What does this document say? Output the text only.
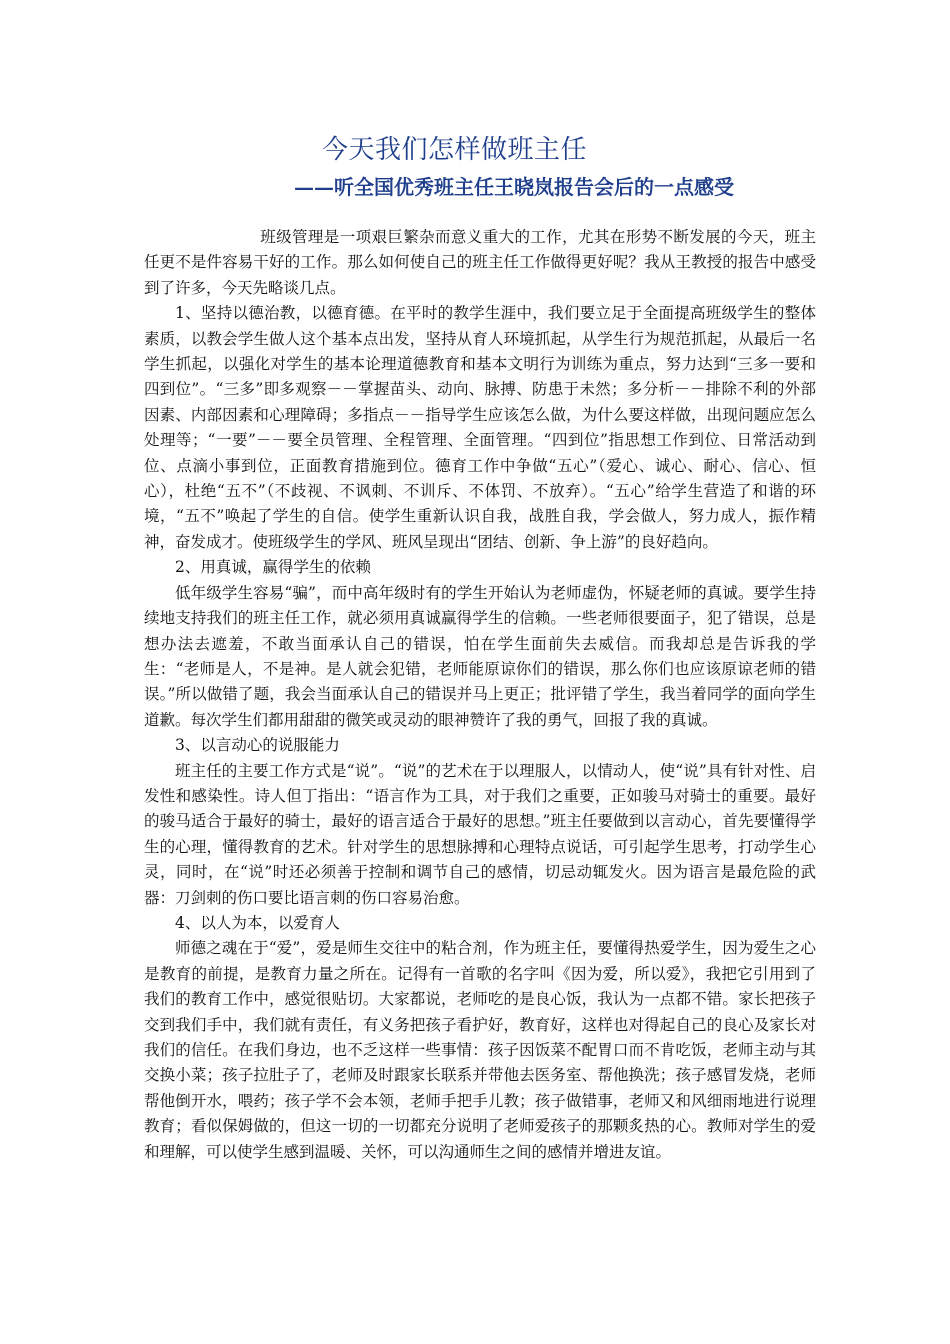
今天我们怎样做班主任
——听全国优秀班主任王晓岚报告会后的一点感受

班级管理是一项艰巨繁杂而意义重大的工作，尤其在形势不断发展的今天，班主任更不是件容易干好的工作。那么如何使自己的班主任工作做得更好呢？我从王教授的报告中感受到了许多，今天先略谈几点。

1、坚持以德治教，以德育德。在平时的教学生涯中，我们要立足于全面提高班级学生的整体素质，以教会学生做人这个基本点出发，坚持从育人环境抓起，从学生行为规范抓起，从最后一名学生抓起，以强化对学生的基本论理道德教育和基本文明行为训练为重点，努力达到“三多一要和四到位”。“三多”即多观察－－掌握苗头、动向、脉搏、防患于未然；多分析－－排除不利的外部因素、内部因素和心理障碍；多指点－－指导学生应该怎么做，为什么要这样做，出现问题应怎么处理等；“一要”－－要全员管理、全程管理、全面管理。“四到位”指思想工作到位、日常活动到位、点滴小事到位，正面教育措施到位。德育工作中争做“五心”（爱心、诚心、耐心、信心、恒心），杜绝“五不”（不歧视、不讽刺、不训斥、不体罚、不放弃）。“五心”给学生营造了和谐的环境，“五不”唤起了学生的自信。使学生重新认识自我，战胜自我，学会做人，努力成人，振作精神，奋发成才。使班级学生的学风、班风呈现出“团结、创新、争上游”的良好趋向。

2、用真诚，赢得学生的依赖

低年级学生容易“骗”，而中高年级时有的学生开始认为老师虚伪，怀疑老师的真诚。要学生持续地支持我们的班主任工作，就必须用真诚赢得学生的信赖。一些老师很要面子，犯了错误，总是想办法去遮羞，不敢当面承认自己的错误，怕在学生面前失去威信。而我却总是告诉我的学生：“老师是人，不是神。是人就会犯错，老师能原谅你们的错误，那么你们也应该原谅老师的错误。”所以做错了题，我会当面承认自己的错误并马上更正；批评错了学生，我当着同学的面向学生道歉。每次学生们都用甜甜的微笑或灵动的眼神赞许了我的勇气，回报了我的真诚。

3、以言动心的说服能力

班主任的主要工作方式是“说”。“说”的艺术在于以理服人，以情动人，使“说”具有针对性、启发性和感染性。诗人但丁指出：“语言作为工具，对于我们之重要，正如骏马对骑士的重要。最好的骏马适合于最好的骑士，最好的语言适合于最好的思想。”班主任要做到以言动心，首先要懂得学生的心理，懂得教育的艺术。针对学生的思想脉搏和心理特点说话，可引起学生思考，打动学生心灵，同时，在“说”时还必须善于控制和调节自己的感情，切忌动辄发火。因为语言是最危险的武器：刀剑刺的伤口要比语言刺的伤口容易治愈。

4、以人为本，以爱育人

师德之魂在于“爱”，爱是师生交往中的粘合剂，作为班主任，要懂得热爱学生，因为爱生之心是教育的前提，是教育力量之所在。记得有一首歌的名字叫《因为爱，所以爱》，我把它引用到了我们的教育工作中，感觉很贴切。大家都说，老师吃的是良心饭，我认为一点都不错。家长把孩子交到我们手中，我们就有责任，有义务把孩子看护好，教育好，这样也对得起自己的良心及家长对我们的信任。在我们身边，也不乏这样一些事情：孩子因饭菜不配胃口而不肯吃饭，老师主动与其交换小菜；孩子拉肚子了，老师及时跟家长联系并带他去医务室、帮他换洗；孩子感冒发烧，老师帮他倒开水，喂药；孩子学不会本领，老师手把手儿教；孩子做错事，老师又和风细雨地进行说理教育；看似保姆做的，但这一切的一切都充分说明了老师爱孩子的那颗炙热的心。教师对学生的爱和理解，可以使学生感到温暖、关怀，可以沟通师生之间的感情并增进友谊。
